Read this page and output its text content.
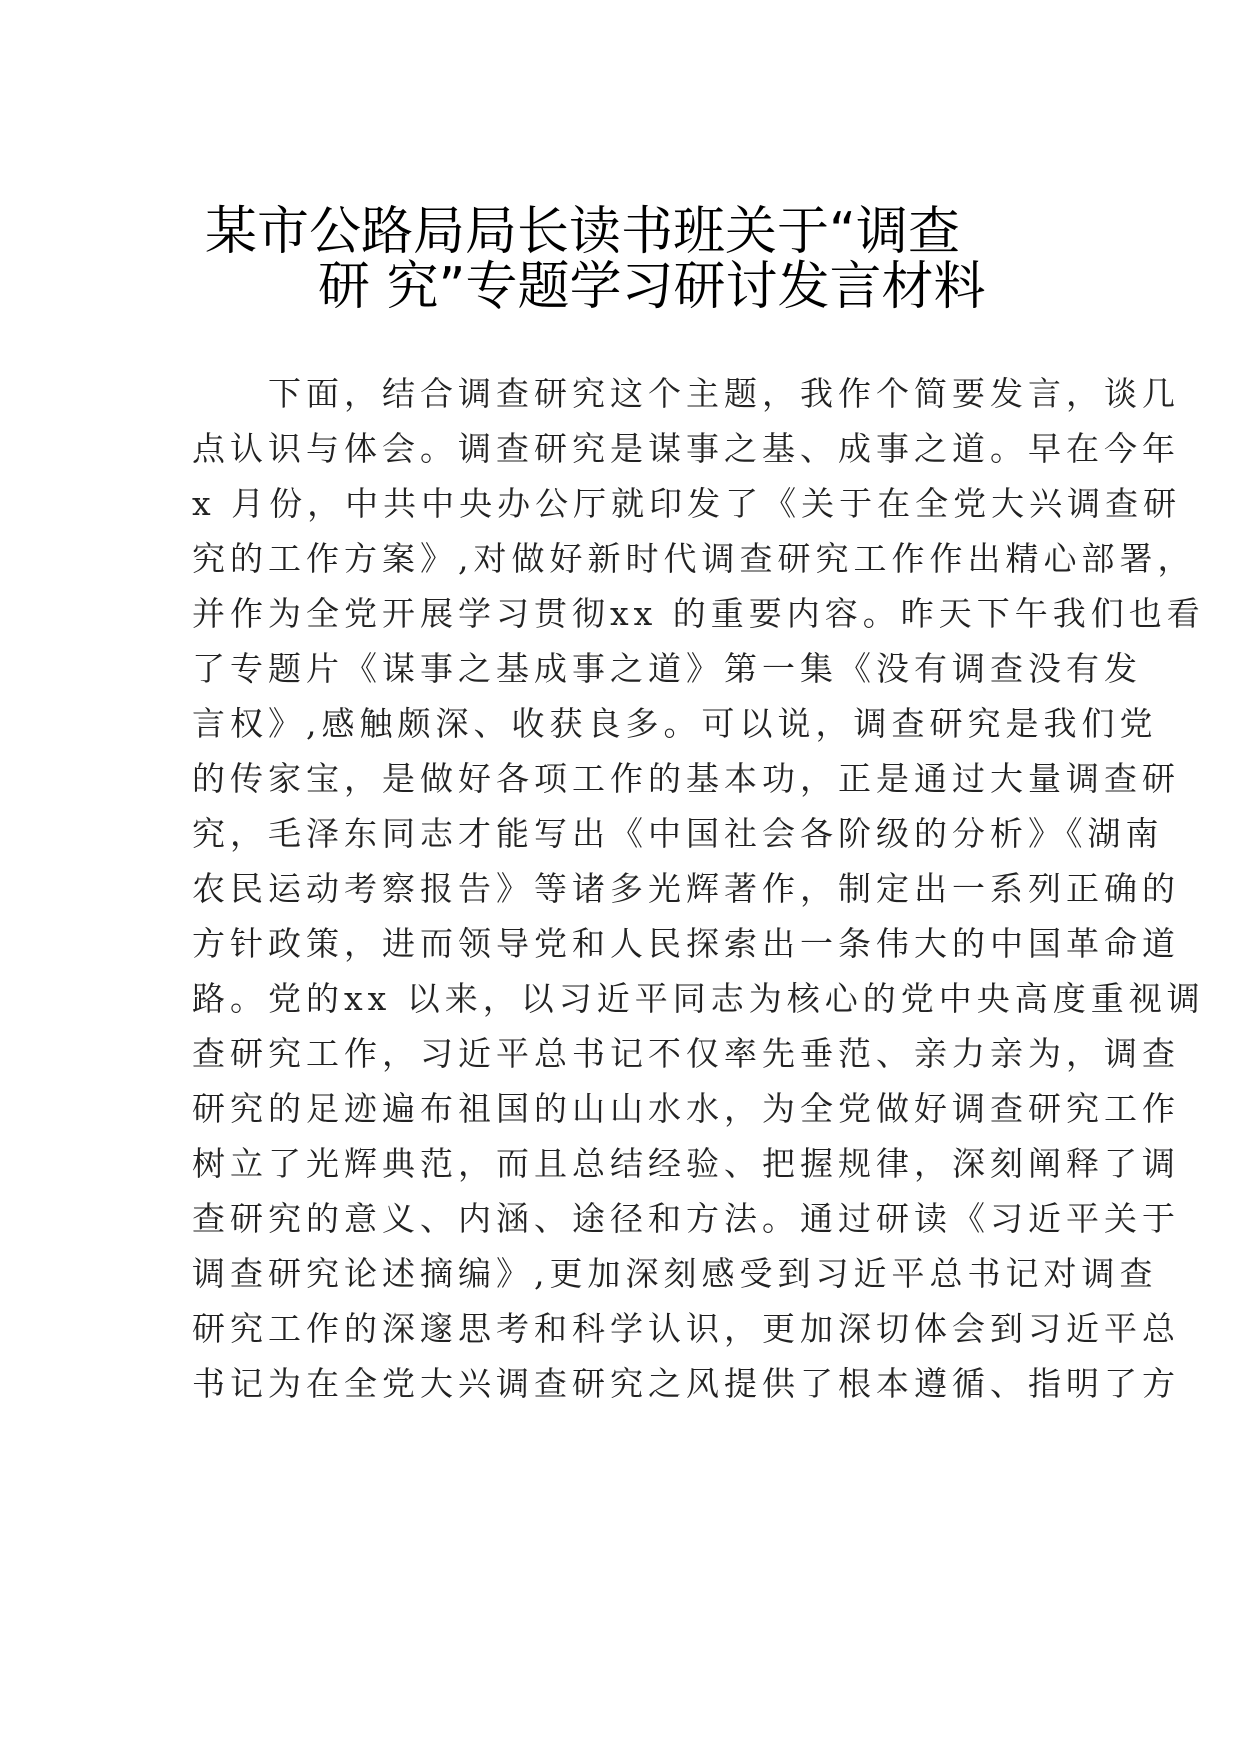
某市公路局局长读书班关于“调查
研 究”专题学习研讨发言材料
下面，结合调查研究这个主题，我作个简要发言，谈几
点认识与体会。调查研究是谋事之基、成事之道。早在今年
x 月份，中共中央办公厅就印发了《关于在全党大兴调查研
究的工作方案》,对做好新时代调查研究工作作出精心部署，
并作为全党开展学习贯彻xx 的重要内容。昨天下午我们也看
了专题片《谋事之基成事之道》第一集《没有调查没有发
言权》,感触颇深、收获良多。可以说，调查研究是我们党
的传家宝，是做好各项工作的基本功，正是通过大量调查研
究，毛泽东同志才能写出《中国社会各阶级的分析》《湖南
农民运动考察报告》等诸多光辉著作，制定出一系列正确的
方针政策，进而领导党和人民探索出一条伟大的中国革命道
路。党的xx 以来，以习近平同志为核心的党中央高度重视调
查研究工作，习近平总书记不仅率先垂范、亲力亲为，调查
研究的足迹遍布祖国的山山水水，为全党做好调查研究工作
树立了光辉典范，而且总结经验、把握规律，深刻阐释了调
查研究的意义、内涵、途径和方法。通过研读《习近平关于
调查研究论述摘编》,更加深刻感受到习近平总书记对调查
研究工作的深邃思考和科学认识，更加深切体会到习近平总
书记为在全党大兴调查研究之风提供了根本遵循、指明了方
